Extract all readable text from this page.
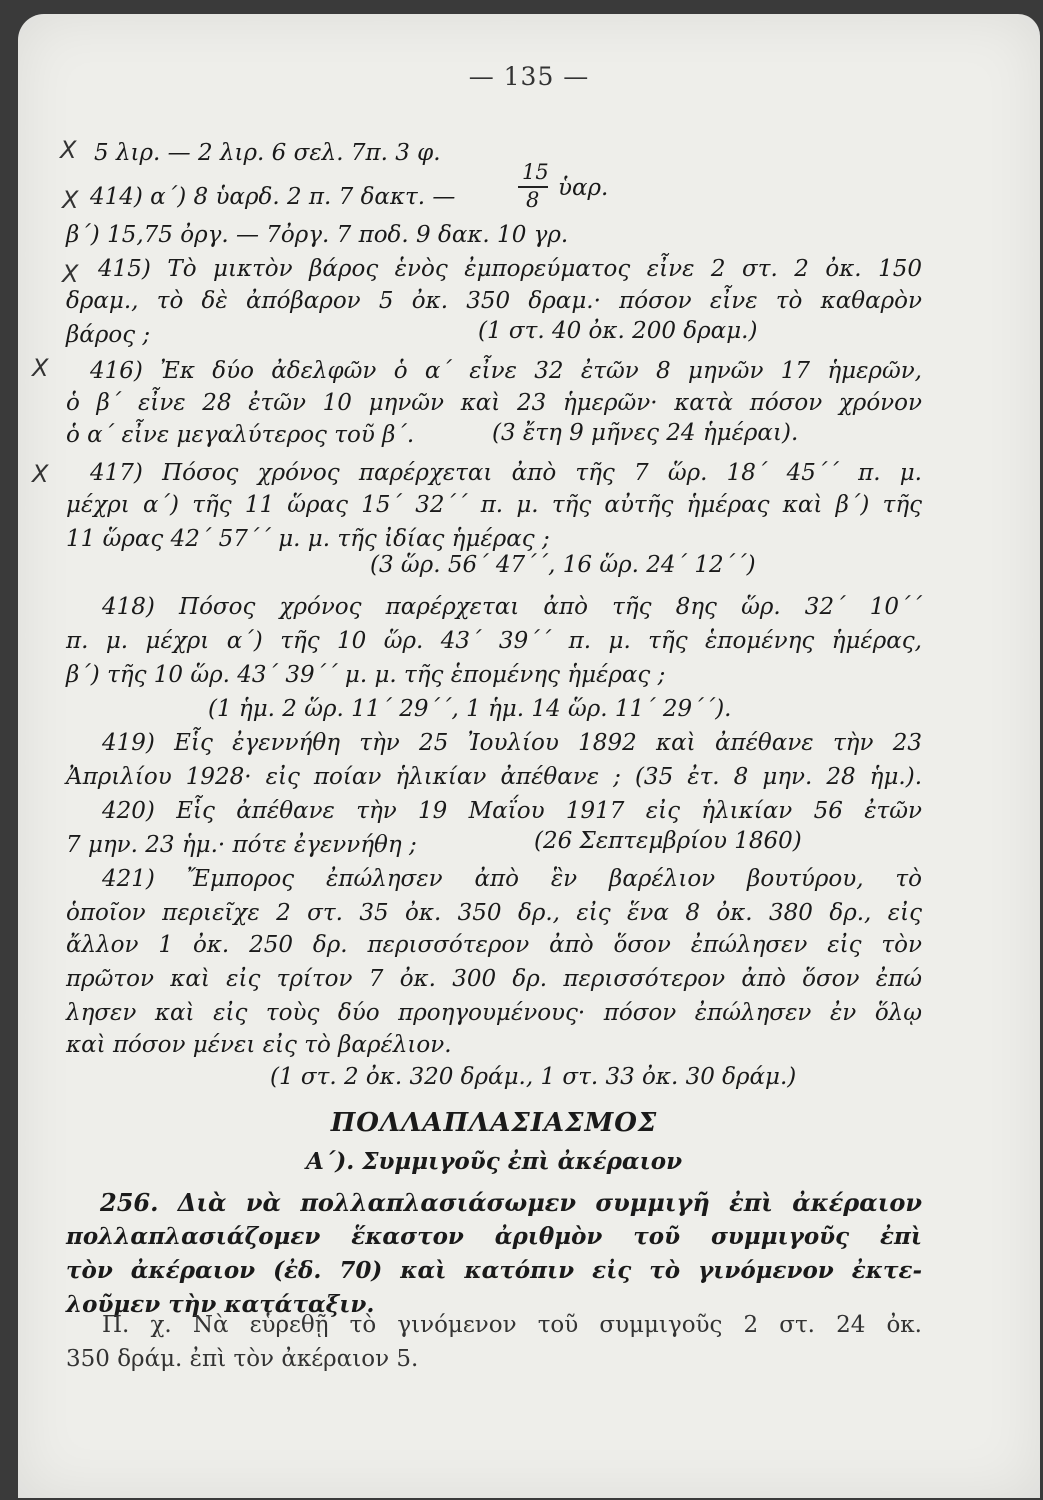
— 135 —
Χ
Χ
Χ
Χ
Χ
5 λιρ. — 2 λιρ. 6 σελ. 7π. 3 φ.
414) α΄) 8 ὑαρδ. 2 π. 7 δακτ. —
15
8 ὑαρ.
β΄) 15,75 ὀργ. — 7ὀργ. 7 ποδ. 9 δακ. 10 γρ.
415) Τὸ μικτὸν βάρος ἑνὸς ἐμπορεύματος εἶνε 2 στ. 2 ὀκ. 150
δραμ., τὸ δὲ ἀπόβαρον 5 ὀκ. 350 δραμ.· πόσον εἶνε τὸ καθαρὸν
βάρος ;	(1 στ. 40 ὀκ. 200 δραμ.)
416) Ἐκ δύο ἀδελφῶν ὁ α΄ εἶνε 32 ἐτῶν 8 μηνῶν 17 ἡμερῶν,
ὁ β΄ εἶνε 28 ἐτῶν 10 μηνῶν καὶ 23 ἡμερῶν· κατὰ πόσον χρόνον
ὁ α΄ εἶνε μεγαλύτερος τοῦ β΄.	(3 ἔτη 9 μῆνες 24 ἡμέραι).
417) Πόσος χρόνος παρέρχεται ἀπὸ τῆς 7 ὥρ. 18΄ 45΄΄ π. μ.
μέχρι α΄) τῆς 11 ὥρας 15΄ 32΄΄ π. μ. τῆς αὐτῆς ἡμέρας καὶ β΄) τῆς
11 ὥρας 42΄ 57΄΄ μ. μ. τῆς ἰδίας ἡμέρας ;
(3 ὥρ. 56΄ 47΄΄, 16 ὥρ. 24΄ 12΄΄)
418) Πόσος χρόνος παρέρχεται ἀπὸ τῆς 8ης ὥρ. 32΄ 10΄΄
π. μ. μέχρι α΄) τῆς 10 ὥρ. 43΄ 39΄΄ π. μ. τῆς ἑπομένης ἡμέρας,
β΄) τῆς 10 ὥρ. 43΄ 39΄΄ μ. μ. τῆς ἑπομένης ἡμέρας ;
(1 ἡμ. 2 ὥρ. 11΄ 29΄΄, 1 ἡμ. 14 ὥρ. 11΄ 29΄΄).
419) Εἷς ἐγεννήθη τὴν 25 Ἰουλίου 1892 καὶ ἀπέθανε τὴν 23
Ἀπριλίου 1928· εἰς ποίαν ἡλικίαν ἀπέθανε ; (35 ἐτ. 8 μην. 28 ἡμ.).
420) Εἷς ἀπέθανε τὴν 19 Μαΐου 1917 εἰς ἡλικίαν 56 ἐτῶν
7 μην. 23 ἡμ.· πότε ἐγεννήθη ;	(26 Σεπτεμβρίου 1860)
421) Ἔμπορος ἐπώλησεν ἀπὸ ἓν βαρέλιον βουτύρου, τὸ
ὁποῖον περιεῖχε 2 στ. 35 ὀκ. 350 δρ., εἰς ἕνα 8 ὀκ. 380 δρ., εἰς
ἄλλον 1 ὀκ. 250 δρ. περισσότερον ἀπὸ ὅσον ἐπώλησεν εἰς τὸν
πρῶτον καὶ εἰς τρίτον 7 ὀκ. 300 δρ. περισσότερον ἀπὸ ὅσον ἐπώ
λησεν καὶ εἰς τοὺς δύο προηγουμένους· πόσον ἐπώλησεν ἐν ὅλῳ
καὶ πόσον μένει εἰς τὸ βαρέλιον.
(1 στ. 2 ὀκ. 320 δράμ., 1 στ. 33 ὀκ. 30 δράμ.)
ΠΟΛΛΑΠΛΑΣΙΑΣΜΟΣ
Α΄). Συμμιγοῦς ἐπὶ ἀκέραιον
256. Διὰ νὰ πολλαπλασιάσωμεν συμμιγῆ ἐπὶ ἀκέραιον
πολλαπλασιάζομεν ἕκαστον ἀριθμὸν τοῦ συμμιγοῦς ἐπὶ
τὸν ἀκέραιον (ἐδ. 70) καὶ κατόπιν εἰς τὸ γινόμενον ἐκτε-
λοῦμεν τὴν κατάταξιν.
Π. χ. Νὰ εὑρεθῇ τὸ γινόμενον τοῦ συμμιγοῦς 2 στ. 24 ὀκ.
350 δράμ. ἐπὶ τὸν ἀκέραιον 5.
